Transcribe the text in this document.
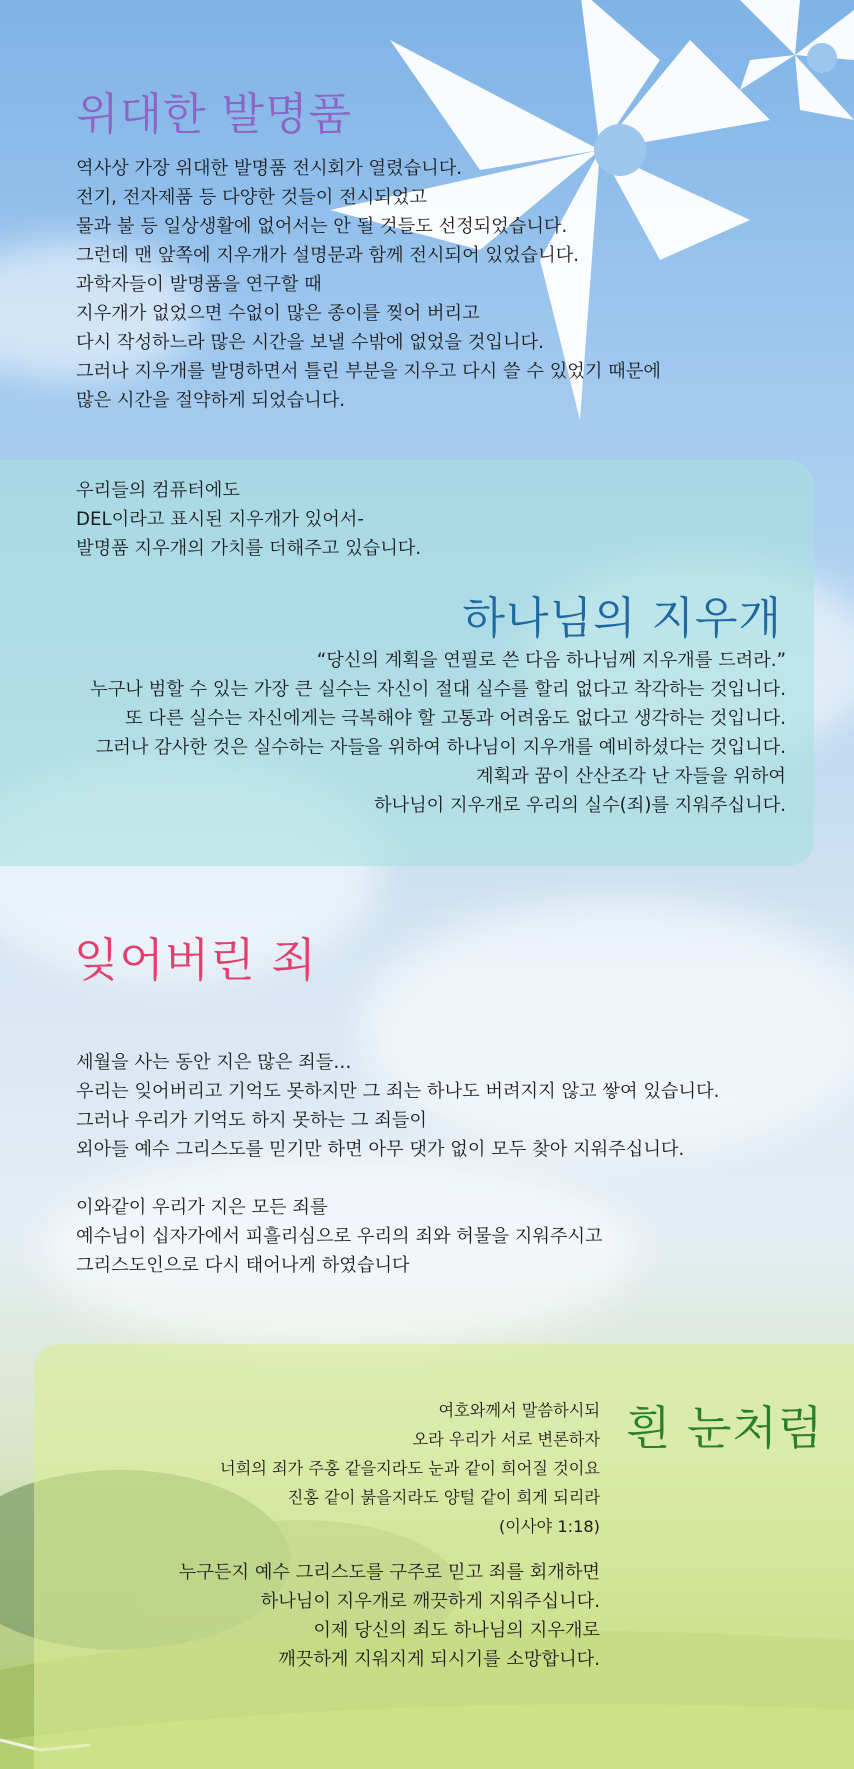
위대한 발명품
역사상 가장 위대한 발명품 전시회가 열렸습니다.
전기, 전자제품 등 다양한 것들이 전시되었고
물과 불 등 일상생활에 없어서는 안 될 것들도 선정되었습니다.
그런데 맨 앞쪽에 지우개가 설명문과 함께 전시되어 있었습니다.
과학자들이 발명품을 연구할 때
지우개가 없었으면 수없이 많은 종이를 찢어 버리고
다시 작성하느라 많은 시간을 보낼 수밖에 없었을 것입니다.
그러나 지우개를 발명하면서 틀린 부분을 지우고 다시 쓸 수 있었기 때문에
많은 시간을 절약하게 되었습니다.
우리들의 컴퓨터에도
DEL이라고 표시된 지우개가 있어서-
발명품 지우개의 가치를 더해주고 있습니다.
하나님의 지우개
“당신의 계획을 연필로 쓴 다음 하나님께 지우개를 드려라.”
누구나 범할 수 있는 가장 큰 실수는 자신이 절대 실수를 할리 없다고 착각하는 것입니다.
또 다른 실수는 자신에게는 극복해야 할 고통과 어려움도 없다고 생각하는 것입니다.
그러나 감사한 것은 실수하는 자들을 위하여 하나님이 지우개를 예비하셨다는 것입니다.
계획과 꿈이 산산조각 난 자들을 위하여
하나님이 지우개로 우리의 실수(죄)를 지워주십니다.
잊어버린 죄
세월을 사는 동안 지은 많은 죄들…
우리는 잊어버리고 기억도 못하지만 그 죄는 하나도 버려지지 않고 쌓여 있습니다.
그러나 우리가 기억도 하지 못하는 그 죄들이
외아들 예수 그리스도를 믿기만 하면 아무 댓가 없이 모두 찾아 지워주십니다.
이와같이 우리가 지은 모든 죄를
예수님이 십자가에서 피흘리심으로 우리의 죄와 허물을 지워주시고
그리스도인으로 다시 태어나게 하였습니다
흰 눈처럼
여호와께서 말씀하시되
오라 우리가 서로 변론하자
너희의 죄가 주홍 같을지라도 눈과 같이 희어질 것이요
진홍 같이 붉을지라도 양털 같이 희게 되리라
(이사야 1:18)
누구든지 예수 그리스도를 구주로 믿고 죄를 회개하면
하나님이 지우개로 깨끗하게 지워주십니다.
이제 당신의 죄도 하나님의 지우개로
깨끗하게 지워지게 되시기를 소망합니다.
